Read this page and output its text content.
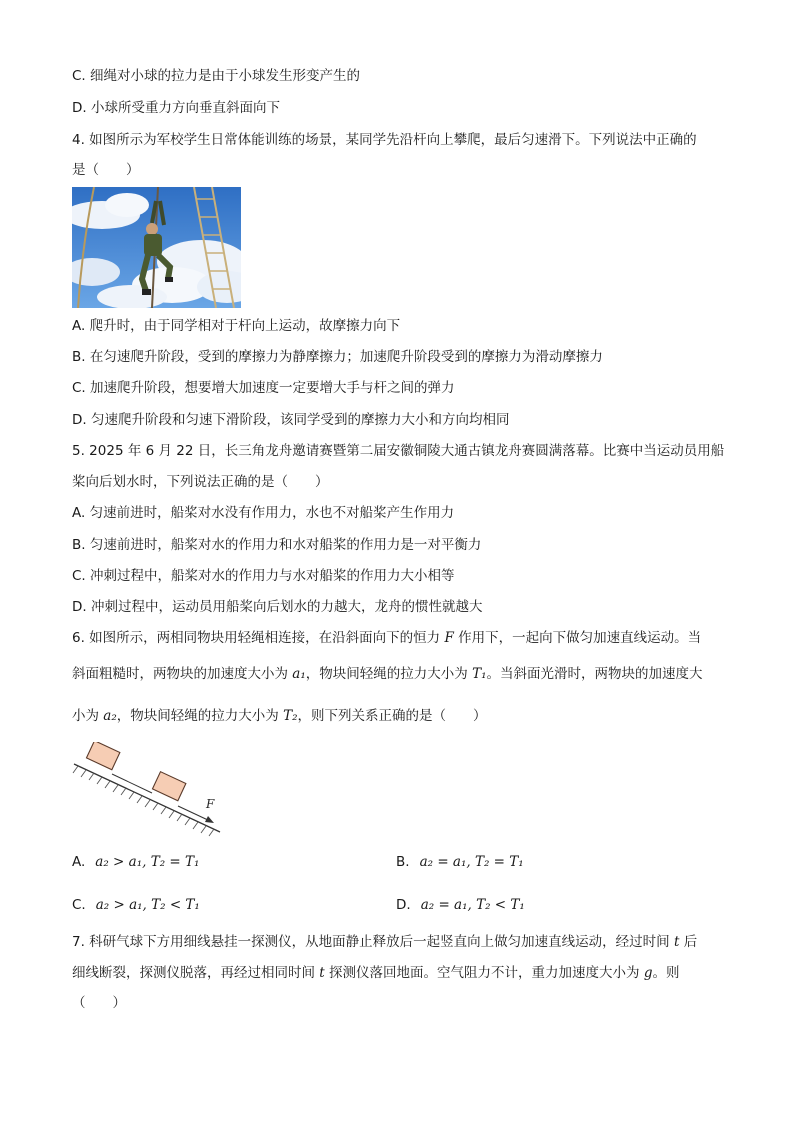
C. 细绳对小球的拉力是由于小球发生形变产生的
D. 小球所受重力方向垂直斜面向下
4. 如图所示为军校学生日常体能训练的场景，某同学先沿杆向上攀爬，最后匀速滑下。下列说法中正确的
是（　　）
A. 爬升时，由于同学相对于杆向上运动，故摩擦力向下
B. 在匀速爬升阶段，受到的摩擦力为静摩擦力；加速爬升阶段受到的摩擦力为滑动摩擦力
C. 加速爬升阶段，想要增大加速度一定要增大手与杆之间的弹力
D. 匀速爬升阶段和匀速下滑阶段，该同学受到的摩擦力大小和方向均相同
5. 2025 年 6 月 22 日，长三角龙舟邀请赛暨第二届安徽铜陵大通古镇龙舟赛圆满落幕。比赛中当运动员用船
桨向后划水时，下列说法正确的是（　　）
A. 匀速前进时，船桨对水没有作用力，水也不对船桨产生作用力
B. 匀速前进时，船桨对水的作用力和水对船桨的作用力是一对平衡力
C. 冲刺过程中，船桨对水的作用力与水对船桨的作用力大小相等
D. 冲刺过程中，运动员用船桨向后划水的力越大，龙舟的惯性就越大
6. 如图所示，两相同物块用轻绳相连接，在沿斜面向下的恒力 F 作用下，一起向下做匀加速直线运动。当
斜面粗糙时，两物块的加速度大小为 a₁，物块间轻绳的拉力大小为 T₁。当斜面光滑时，两物块的加速度大
小为 a₂，物块间轻绳的拉力大小为 T₂，则下列关系正确的是（　　）
F
A. a₂ > a₁, T₂ = T₁	B. a₂ = a₁, T₂ = T₁
C. a₂ > a₁, T₂ < T₁	D. a₂ = a₁, T₂ < T₁
7. 科研气球下方用细线悬挂一探测仪，从地面静止释放后一起竖直向上做匀加速直线运动，经过时间 t 后
细线断裂，探测仪脱落，再经过相同时间 t 探测仪落回地面。空气阻力不计，重力加速度大小为 g。则
（　　）
